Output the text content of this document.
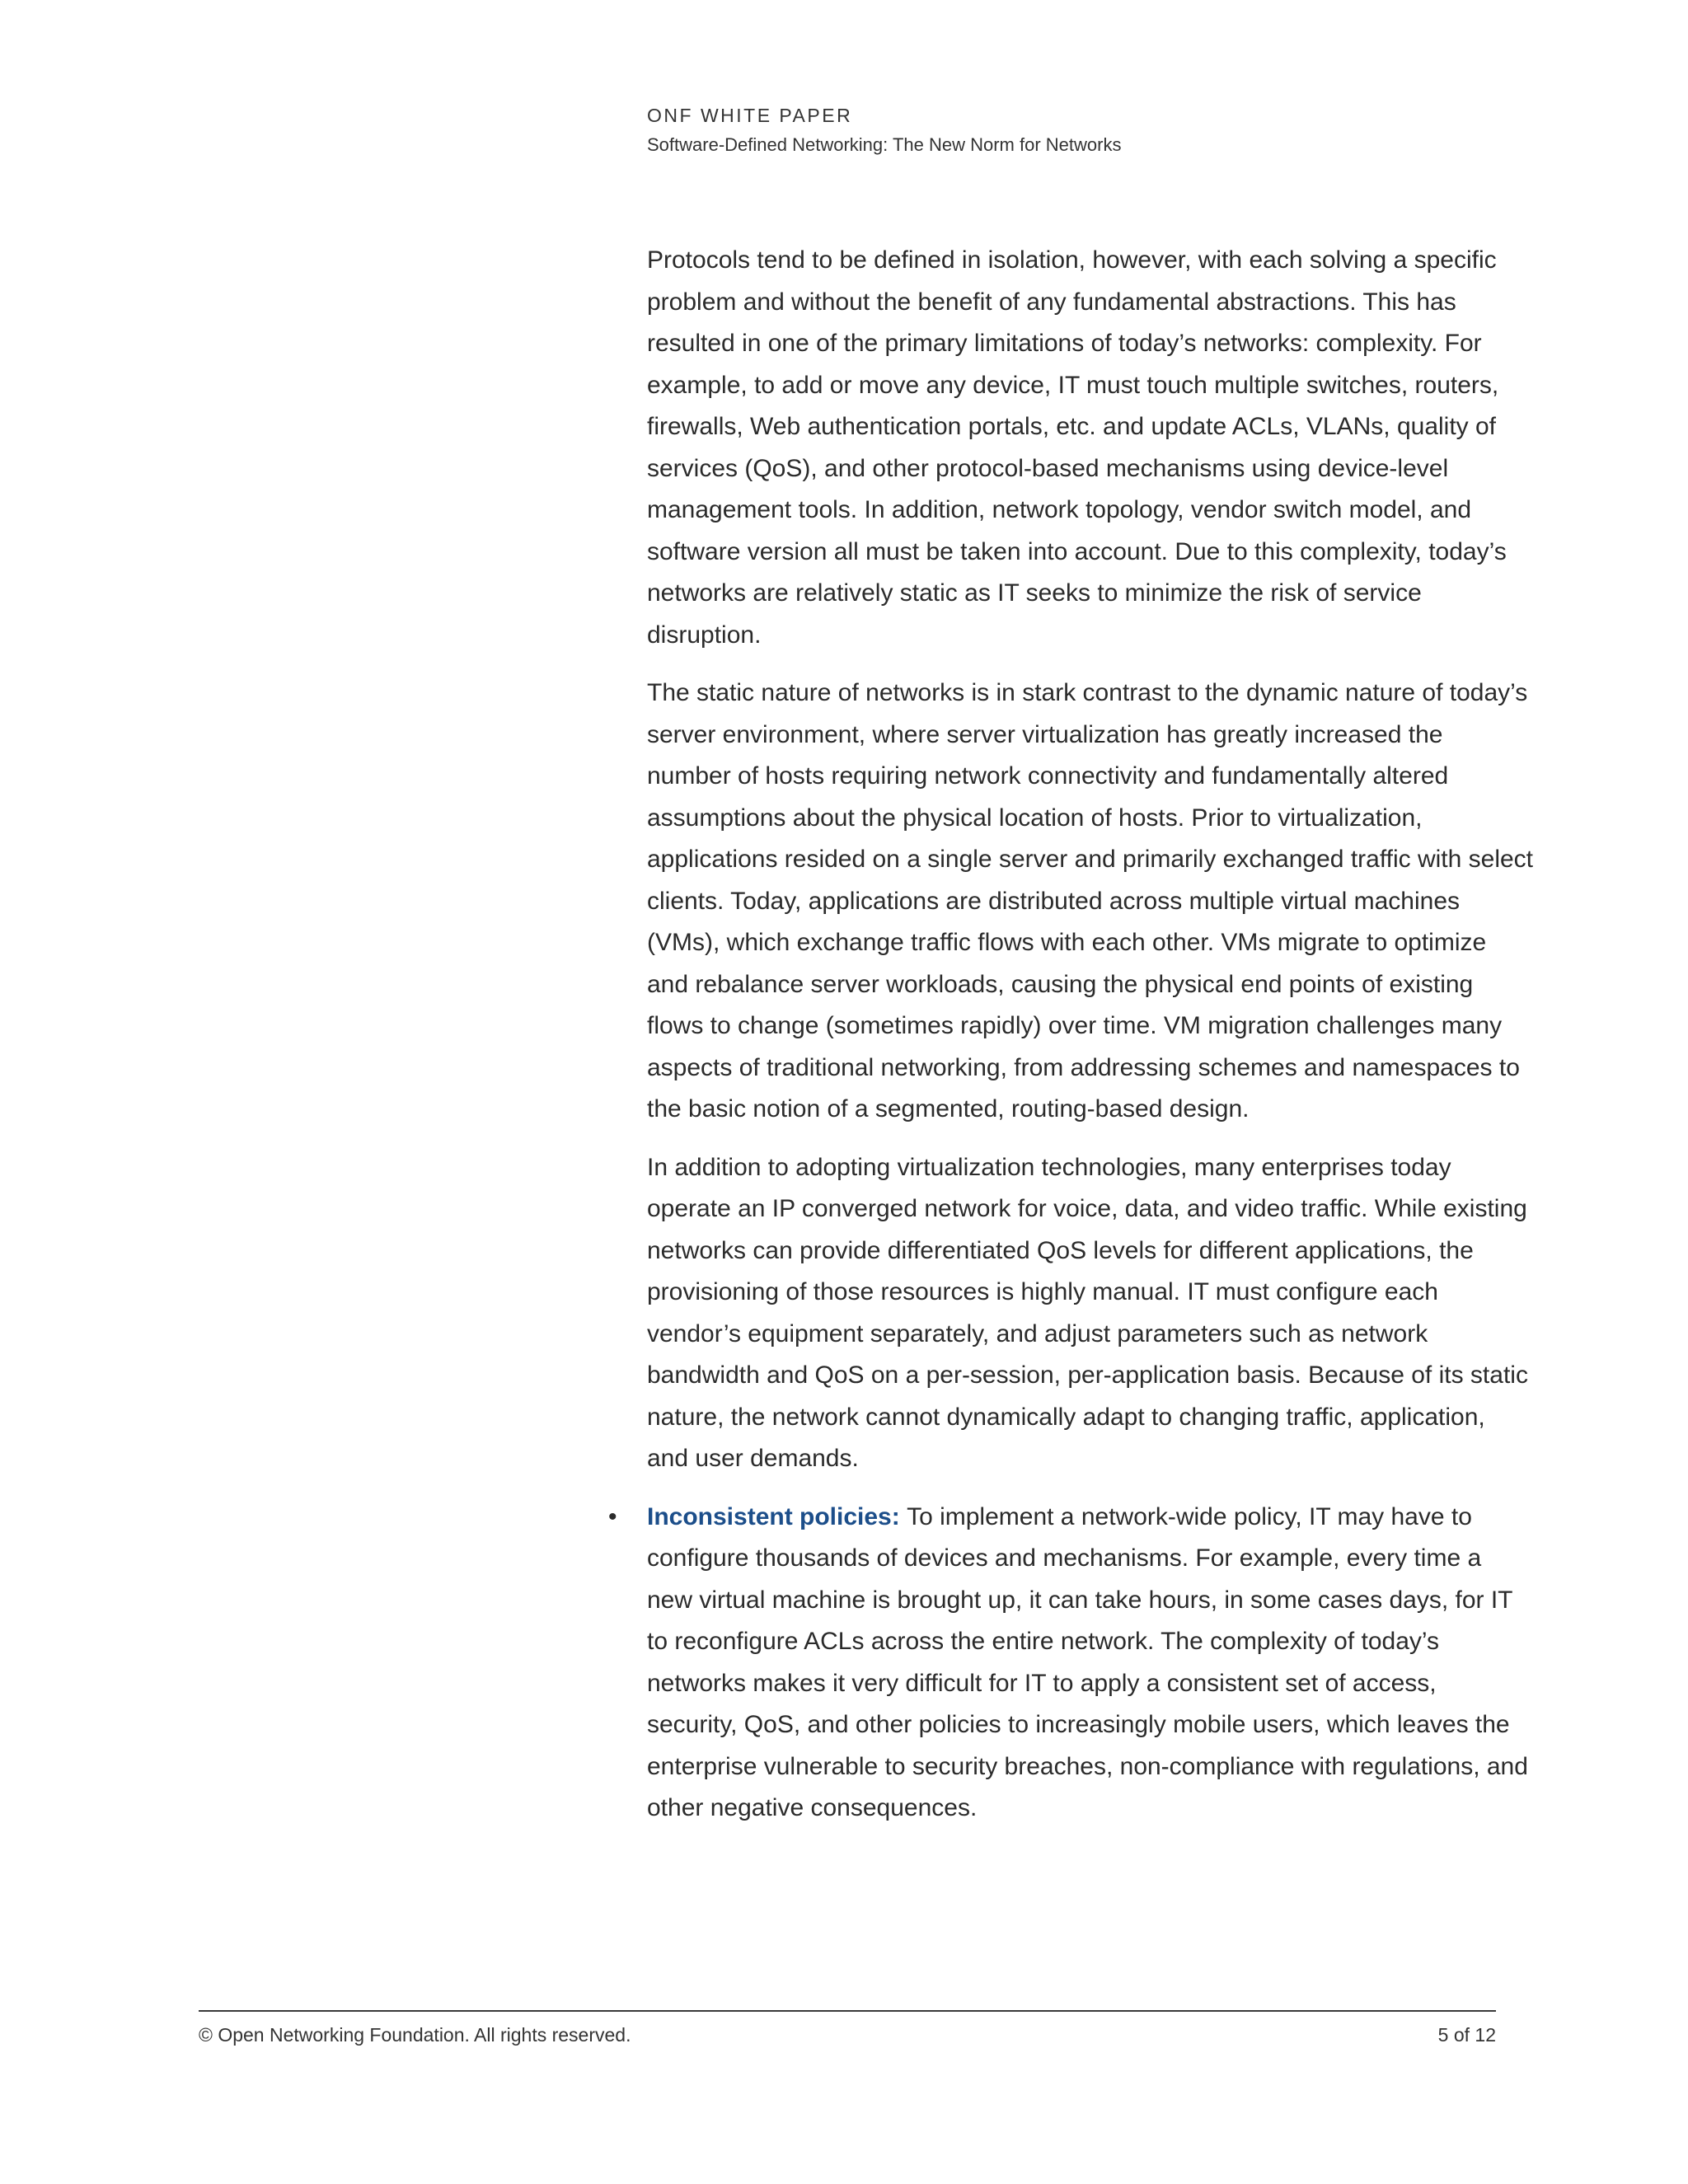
ONF WHITE PAPER

Software-Defined Networking: The New Norm for Networks

Protocols tend to be defined in isolation, however, with each solving a specific problem and without the benefit of any fundamental abstractions. This has resulted in one of the primary limitations of today’s networks: complexity. For example, to add or move any device, IT must touch multiple switches, routers, firewalls, Web authentication portals, etc. and update ACLs, VLANs, quality of services (QoS), and other protocol-based mechanisms using device-level management tools. In addition, network topology, vendor switch model, and software version all must be taken into account. Due to this complexity, today’s networks are relatively static as IT seeks to minimize the risk of service disruption.

The static nature of networks is in stark contrast to the dynamic nature of today’s server environment, where server virtualization has greatly increased the number of hosts requiring network connectivity and fundamentally altered assumptions about the physical location of hosts. Prior to virtualization, applications resided on a single server and primarily exchanged traffic with select clients. Today, applications are distributed across multiple virtual machines (VMs), which exchange traffic flows with each other. VMs migrate to optimize and rebalance server workloads, causing the physical end points of existing flows to change (sometimes rapidly) over time. VM migration challenges many aspects of traditional networking, from addressing schemes and namespaces to the basic notion of a segmented, routing-based design.

In addition to adopting virtualization technologies, many enterprises today operate an IP converged network for voice, data, and video traffic. While existing networks can provide differentiated QoS levels for different applications, the provisioning of those resources is highly manual. IT must configure each vendor’s equipment separately, and adjust parameters such as network bandwidth and QoS on a per-session, per-application basis. Because of its static nature, the network cannot dynamically adapt to changing traffic, application, and user demands.

• Inconsistent policies: To implement a network-wide policy, IT may have to configure thousands of devices and mechanisms. For example, every time a new virtual machine is brought up, it can take hours, in some cases days, for IT to reconfigure ACLs across the entire network. The complexity of today’s networks makes it very difficult for IT to apply a consistent set of access, security, QoS, and other policies to increasingly mobile users, which leaves the enterprise vulnerable to security breaches, non-compliance with regulations, and other negative consequences.
© Open Networking Foundation. All rights reserved.	5 of 12
